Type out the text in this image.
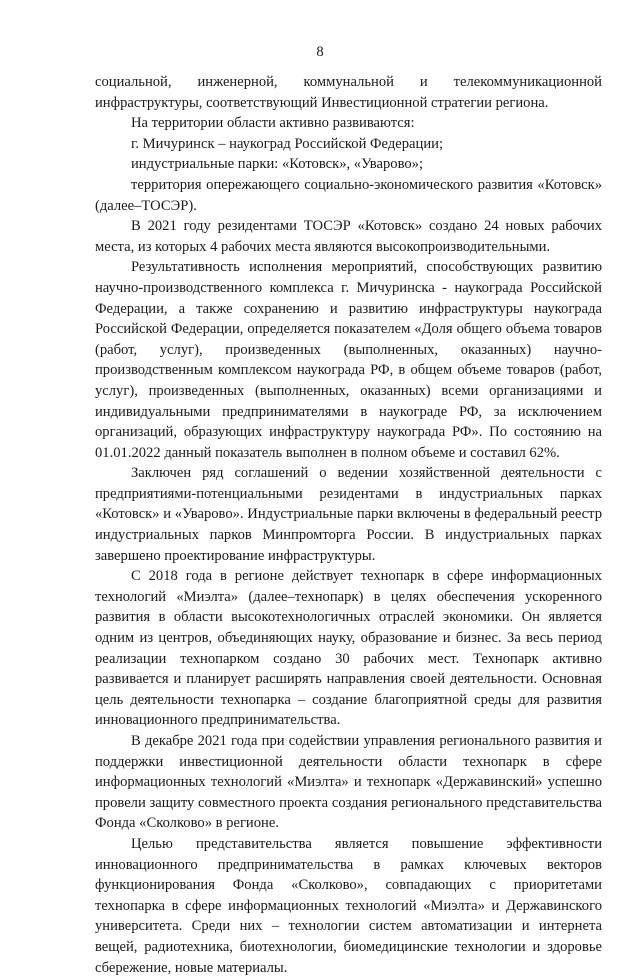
8

социальной, инженерной, коммунальной и телекоммуникационной инфраструктуры, соответствующий Инвестиционной стратегии региона.

На территории области активно развиваются:

г. Мичуринск – наукоград Российской Федерации;

индустриальные парки: «Котовск», «Уварово»;

территория опережающего социально-экономического развития «Котовск» (далее–ТОСЭР).

В 2021 году резидентами ТОСЭР «Котовск» создано 24 новых рабочих места, из которых 4 рабочих места являются высокопроизводительными.

Результативность исполнения мероприятий, способствующих развитию научно-производственного комплекса г. Мичуринска - наукограда Российской Федерации, а также сохранению и развитию инфраструктуры наукограда Российской Федерации, определяется показателем «Доля общего объема товаров (работ, услуг), произведенных (выполненных, оказанных) научно-производственным комплексом наукограда РФ, в общем объеме товаров (работ, услуг), произведенных (выполненных, оказанных) всеми организациями и индивидуальными предпринимателями в наукограде РФ, за исключением организаций, образующих инфраструктуру наукограда РФ». По состоянию на 01.01.2022 данный показатель выполнен в полном объеме и составил 62%.

Заключен ряд соглашений о ведении хозяйственной деятельности с предприятиями-потенциальными резидентами в индустриальных парках «Котовск» и «Уварово». Индустриальные парки включены в федеральный реестр индустриальных парков Минпромторга России. В индустриальных парках завершено проектирование инфраструктуры.

С 2018 года в регионе действует технопарк в сфере информационных технологий «Миэлта» (далее–технопарк) в целях обеспечения ускоренного развития в области высокотехнологичных отраслей экономики. Он является одним из центров, объединяющих науку, образование и бизнес. За весь период реализации технопарком создано 30 рабочих мест. Технопарк активно развивается и планирует расширять направления своей деятельности. Основная цель деятельности технопарка – создание благоприятной среды для развития инновационного предпринимательства.

В декабре 2021 года при содействии управления регионального развития и поддержки инвестиционной деятельности области технопарк в сфере информационных технологий «Миэлта» и технопарк «Державинский» успешно провели защиту совместного проекта создания регионального представительства Фонда «Сколково» в регионе.

Целью представительства является повышение эффективности инновационного предпринимательства в рамках ключевых векторов функционирования Фонда «Сколково», совпадающих с приоритетами технопарка в сфере информационных технологий «Миэлта» и Державинского университета. Среди них – технологии систем автоматизации и интернета вещей, радиотехника, биотехнологии, биомедицинские технологии и здоровье сбережение, новые материалы.
